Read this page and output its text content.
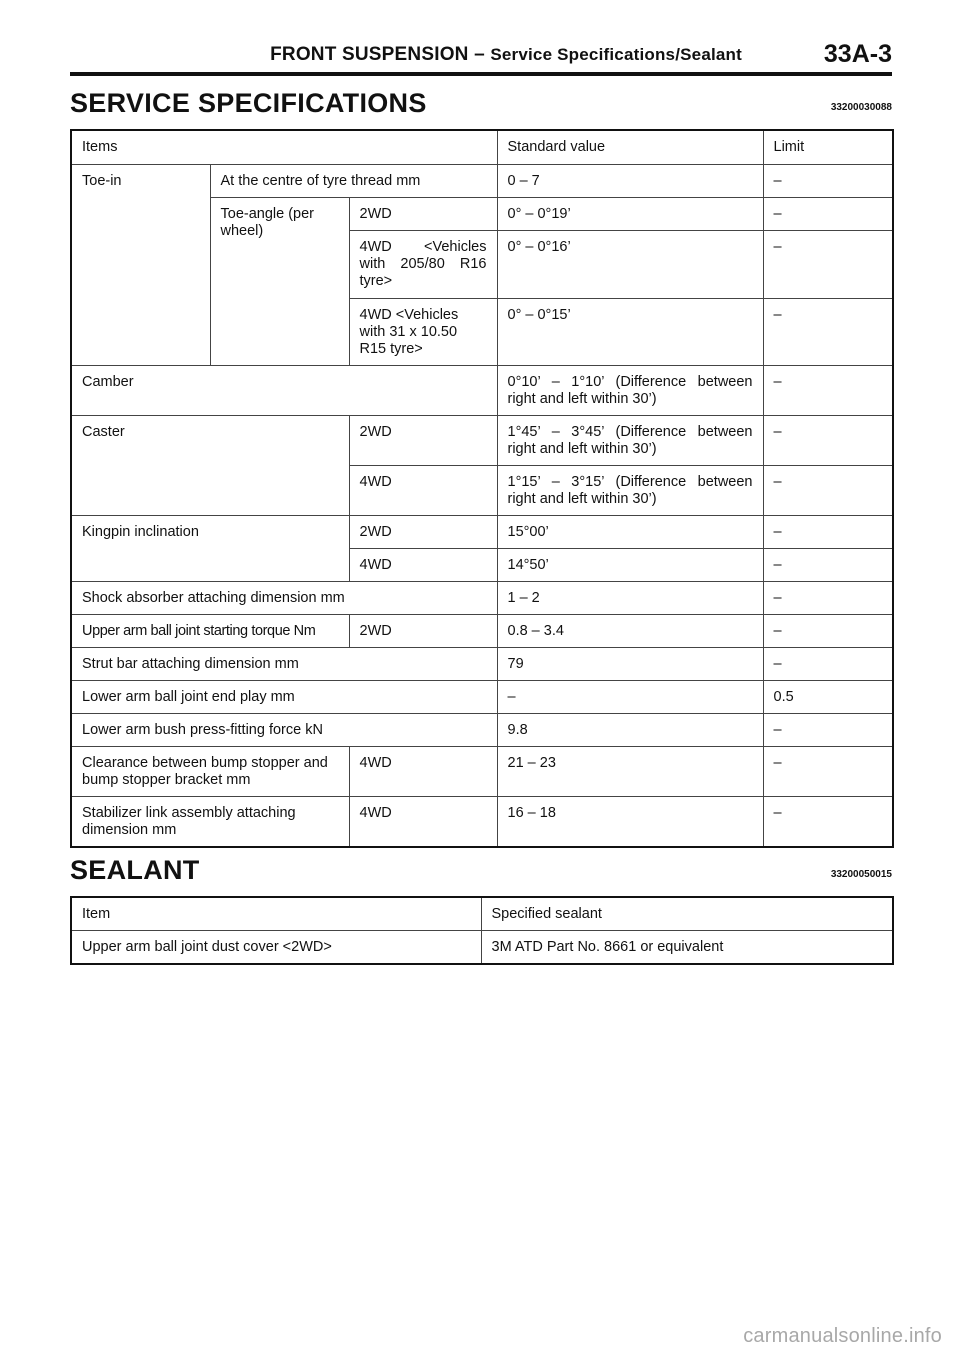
FRONT SUSPENSION – Service Specifications/Sealant	33A-3
SERVICE SPECIFICATIONS	33200030088
Items			Standard value	Limit
Toe-in	At the centre of tyre thread mm		0 – 7	–
	Toe-angle (per wheel)	2WD	0° – 0°19’	–
		4WD <Vehicles with 205/80 R16 tyre>	0° – 0°16’	–
		4WD <Vehicles with 31 x 10.50 R15 tyre>	0° – 0°15’	–
Camber			0°10’ – 1°10’ (Difference between right and left within 30’)	–
Caster		2WD	1°45’ – 3°45’ (Difference between right and left within 30’)	–
		4WD	1°15’ – 3°15’ (Difference between right and left within 30’)	–
Kingpin inclination		2WD	15°00’	–
		4WD	14°50’	–
Shock absorber attaching dimension mm			1 – 2	–
Upper arm ball joint starting torque Nm		2WD	0.8 – 3.4	–
Strut bar attaching dimension mm			79	–
Lower arm ball joint end play mm			–	0.5
Lower arm bush press-fitting force kN			9.8	–
Clearance between bump stopper and bump stopper bracket mm		4WD	21 – 23	–
Stabilizer link assembly attaching dimension mm		4WD	16 – 18	–
SEALANT	33200050015
Item	Specified sealant
Upper arm ball joint dust cover <2WD>	3M ATD Part No. 8661 or equivalent
carmanualsonline.info
